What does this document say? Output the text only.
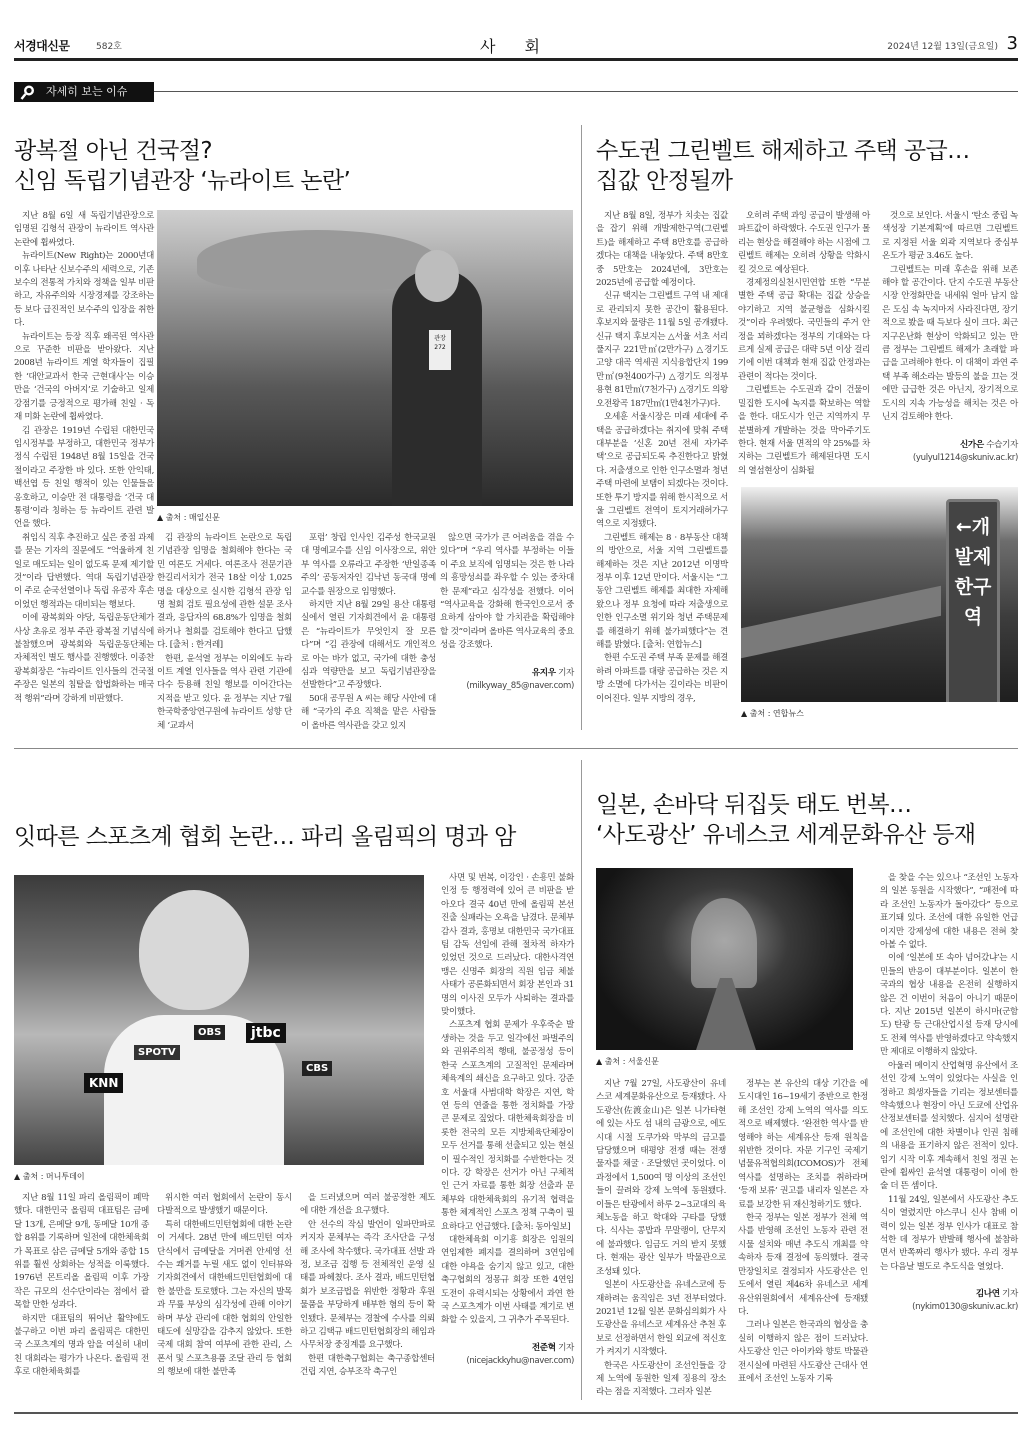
서경대신문	582호	사 회	2024년 12월 13일(금요일) 3
자세히 보는 이슈
광복절 아닌 건국절?
신임 독립기념관장 ‘뉴라이트 논란’

지난 8월 6일 새 독립기념관장으로 임명된 김형석 관장이 뉴라이트 역사관 논란에 휩싸였다.

뉴라이트(New Right)는 2000년대 이후 나타난 신보수주의 세력으로, 기존 보수의 전통적 가치와 정책을 일부 비판하고, 자유주의와 시장경제를 강조하는 등 보다 급진적인 보수주의 입장을 취한다.

뉴라이트는 등장 직후 왜곡된 역사관으로 꾸준한 비판을 받아왔다. 지난 2008년 뉴라이트 계열 학자들이 집필한 ‘대안교과서 한국 근현대사’는 이승만을 ‘건국의 아버지’로 기술하고 일제강점기를 긍정적으로 평가해 친일 · 독재 미화 논란에 휩싸였다.

김 관장은 1919년 수립된 대한민국 임시정부를 부정하고, 대한민국 정부가 정식 수립된 1948년 8월 15일을 건국절이라고 주장한 바 있다. 또한 안익태, 백선엽 등 친일 행적이 있는 인물들을 옹호하고, 이승만 전 대통령을 ‘건국 대통령’이라 칭하는 등 뉴라이트 관련 발언을 했다.

취임식 직후 추진하고 싶은 중점 과제를 묻는 기자의 질문에도 “억울하게 친일로 매도되는 일이 없도록 문제 제기할 것”이라 답변했다. 역대 독립기념관장이 주로 순국선열이나 독립 유공자 후손이었던 행적과는 대비되는 행보다.

이에 광복회와 야당, 독립운동단체가 사상 초유로 정부 주관 광복절 기념식에 불참했으며 광복회와 독립운동단체는 자체적인 별도 행사를 진행했다. 이종찬 광복회장은 “뉴라이트 인사들의 건국절 주장은 일본의 침탈을 합법화하는 매국적 행위”라며 강하게 비판했다.

관장 272
▲ 출처 : 매일신문

김 관장의 뉴라이트 논란으로 독립기념관장 임명을 철회해야 한다는 국민 여론도 거세다. 여론조사 전문기관 한길리서치가 전국 18살 이상 1,025명을 대상으로 실시한 김형석 관장 임명 철회 검토 필요성에 관한 설문 조사 결과, 응답자의 68.8%가 임명을 철회하거나 철회를 검토해야 한다고 답했다. [출처 : 한겨레]

한편, 윤석열 정부는 이외에도 뉴라이트 계열 인사들을 역사 관련 기관에 다수 등용해 친일 행보를 이어간다는 지적을 받고 있다. 윤 정부는 지난 7월 한국학중앙연구원에 뉴라이트 성향 단체 ‘교과서

포럼’ 창립 인사인 김주성 한국교원대 명예교수를 신임 이사장으로, 위안부 역사를 오류라고 주장한 ‘반일종족주의’ 공동저자인 김낙년 동국대 명예교수를 원장으로 임명했다.

하지만 지난 8월 29일 용산 대통령실에서 열린 기자회견에서 윤 대통령은 “뉴라이트가 무엇인지 잘 모른다”며 “김 관장에 대해서도 개인적으로 아는 바가 없고, 국가에 대한 충성심과 역량만을 보고 독립기념관장을 선발한다”고 주장했다.

50대 공무원 A 씨는 해당 사안에 대해 “국가의 주요 직책을 맡은 사람들이 올바른 역사관을 갖고 있지

않으면 국가가 큰 어려움을 겪을 수 있다”며 “우리 역사를 부정하는 이들이 주요 보직에 임명되는 것은 한 나라의 흥망성쇠를 좌우할 수 있는 중차대한 문제”라고 심각성을 전했다. 이어 “역사교육을 강화해 한국인으로서 중요하게 삼아야 할 가치관을 확립해야 할 것”이라며 올바른 역사교육의 중요성을 강조했다.

유지우 기자
(milkyway_85@naver.com)

수도권 그린벨트 해제하고 주택 공급…
집값 안정될까

지난 8월 8일, 정부가 치솟는 집값을 잡기 위해 개발제한구역(그린벨트)을 해제하고 주택 8만호를 공급하겠다는 대책을 내놓았다. 주택 8만호 중 5만호는 2024년에, 3만호는 2025년에 공급할 예정이다.

신규 택지는 그린벨트 구역 내 제대로 관리되지 못한 공간이 활용된다. 후보지와 물량은 11월 5일 공개됐다. 신규 택지 후보지는 △서울 서초 서리풀지구 221만㎡(2만가구) △경기도 고양 대곡 역세권 지식융합단지 199만㎡(9천400가구) △경기도 의정부 용현 81만㎡(7천가구) △경기도 의왕 오전왕곡 187만㎡(1만4천가구)다.

오세훈 서울시장은 미래 세대에 주택을 공급하겠다는 취지에 맞춰 주택 대부분을 ‘신혼 20년 전세 자가주택’으로 공급되도록 추진한다고 밝혔다. 저출생으로 인한 인구소멸과 청년 주택 마련에 보탬이 되겠다는 것이다. 또한 투기 방지를 위해 한시적으로 서울 그린벨트 전역이 토지거래허가구역으로 지정됐다.

그린벨트 해제는 8 · 8부동산 대책의 방안으로, 서울 지역 그린벨트를 해제하는 것은 지난 2012년 이명박 정부 이후 12년 만이다. 서울시는 “그동안 그린벨트 해제를 최대한 자제해 왔으나 정부 요청에 따라 저출생으로 인한 인구소멸 위기와 청년 주택문제를 해결하기 위해 불가피했다”는 견해를 밝혔다. [출처: 연합뉴스]

한편 수도권 주택 부족 문제를 해결하려 아파트를 대량 공급하는 것은 지방 소멸에 다가서는 길이라는 비판이 이어진다. 일부 지방의 경우,

오히려 주택 과잉 공급이 발생해 아파트값이 하락했다. 수도권 인구가 몰리는 현상을 해결해야 하는 시점에 그린벨트 해제는 오히려 상황을 악화시킬 것으로 예상된다.

경제정의실천시민연합 또한 “무분별한 주택 공급 확대는 집값 상승을 야기하고 지역 불균형을 심화시킬 것”이라 우려했다. 국민들의 주거 안정을 꾀하겠다는 정부의 기대와는 다르게 실제 공급은 대략 5년 이상 걸리기에 이번 대책과 현재 집값 안정과는 관련이 적다는 것이다.

그린벨트는 수도권과 같이 건물이 밀집한 도시에 녹지를 확보하는 역할을 한다. 대도시가 인근 지역까지 무분별하게 개발하는 것을 막아주기도 한다. 현재 서울 면적의 약 25%를 차지하는 그린벨트가 해제된다면 도시의 열섬현상이 심화될

것으로 보인다. 서울시 ‘탄소 중립 녹색성장 기본계획’에 따르면 그린벨트로 지정된 서울 외곽 지역보다 중심부 온도가 평균 3.46도 높다.

그린벨트는 미래 후손을 위해 보존해야 할 공간이다. 단지 수도권 부동산 시장 안정화만을 내세워 얼마 남지 않은 도심 속 녹지마저 사라진다면, 장기적으로 봤을 때 득보다 실이 크다. 최근 지구온난화 현상이 악화되고 있는 만큼 정부는 그린벨트 해제가 초래할 파급을 고려해야 한다. 이 대책이 과연 주택 부족 해소라는 발등의 불을 끄는 것에만 급급한 것은 아닌지, 장기적으로 도시의 지속 가능성을 해치는 것은 아닌지 검토해야 한다.

신가은 수습기자
(yulyul1214@skuniv.ac.kr)

←개발제한구역
▲ 출처 : 연합뉴스
잇따른 스포츠계 협회 논란… 파리 올림픽의 명과 암
OBS	jtbc
SPOTV
KNN
CBS
▲ 출처 : 머니투데이

지난 8월 11일 파리 올림픽이 폐막했다. 대한민국 올림픽 대표팀은 금메달 13개, 은메달 9개, 동메달 10개 종합 8위를 기록하며 일전에 대한체육회가 목표로 삼은 금메달 5개와 종합 15위를 훨씬 상회하는 성적을 이룩했다. 1976년 몬트리올 올림픽 이후 가장 작은 규모의 선수단이라는 점에서 괄목할 만한 성과다.

하지만 대표팀의 뛰어난 활약에도 불구하고 이번 파리 올림픽은 대한민국 스포츠계의 명과 암을 여실히 내비친 대회라는 평가가 나온다. 올림픽 전후로 대한체육회를

위시한 여러 협회에서 논란이 동시다발적으로 발생했기 때문이다.

특히 대한배드민턴협회에 대한 논란이 거세다. 28년 만에 배드민턴 여자 단식에서 금메달을 거머쥔 안세영 선수는 쾌거를 누릴 새도 없이 인터뷰와 기자회견에서 대한배드민턴협회에 대한 불만을 토로했다. 그는 자신의 발목과 무릎 부상의 심각성에 관해 이야기하며 부상 관리에 대한 협회의 안일한 태도에 실망감을 감추지 않았다. 또한 국제 대회 참여 여부에 관한 관리, 스폰서 및 스포츠용품 조달 관리 등 협회의 행보에 대한 불만족

을 드러냈으며 여러 불공정한 제도에 대한 개선을 요구했다.

안 선수의 작심 발언이 일파만파로 커지자 문체부는 즉각 조사단을 구성해 조사에 착수했다. 국가대표 선발 과정, 보조금 집행 등 전체적인 운영 실태를 파헤쳤다. 조사 결과, 배드민턴협회가 보조금법을 위반한 정황과 후원 물품을 부당하게 배부한 혐의 등이 확인됐다. 문체부는 경찰에 수사를 의뢰하고 김택규 배드민턴협회장의 해임과 사무처장 중징계를 요구했다.

한편 대한축구협회는 축구종합센터 건립 지연, 승부조작 축구인

사면 및 번복, 이강인 · 손흥민 불화 인정 등 행정력에 있어 큰 비판을 받아오다 결국 40년 만에 올림픽 본선 진출 실패라는 오욕을 남겼다. 문체부 감사 결과, 홍명보 대한민국 국가대표팀 감독 선임에 관해 절차적 하자가 있었던 것으로 드러났다. 대한사격연맹은 신명주 회장의 직원 임금 체불 사태가 공론화되면서 회장 본인과 31명의 이사진 모두가 사퇴하는 결과를 맞이했다.

스포츠계 협회 문제가 우후죽순 발생하는 것을 두고 일각에선 파벌주의와 권위주의적 행태, 불공정성 등이 한국 스포츠계의 고질적인 문제라며 체육계의 쇄신을 요구하고 있다. 강준호 서울대 사범대학 학장은 지연, 학연 등의 연줄을 통한 정치화를 가장 큰 문제로 짚었다. 대한체육회장을 비롯한 전국의 모든 지방체육단체장이 모두 선거를 통해 선출되고 있는 현실이 필수적인 정치화를 수반한다는 것이다. 강 학장은 선거가 아닌 구체적인 근거 자료를 통한 회장 선출과 문체부와 대한체육회의 유기적 협력을 통한 체계적인 스포츠 정책 구축이 필요하다고 언급했다. [출처: 동아일보]

대한체육회 이기흥 회장은 임원의 연임제한 폐지를 결의하며 3연임에 대한 야욕을 숨기지 않고 있고, 대한축구협회의 정몽규 회장 또한 4연임 도전이 유력시되는 상황에서 과연 한국 스포츠계가 이번 사태를 계기로 변화할 수 있을지, 그 귀추가 주목된다.

전준혁 기자
(nicejackkyhu@naver.com)

일본, 손바닥 뒤집듯 태도 번복…
‘사도광산’ 유네스코 세계문화유산 등재
▲ 출처 : 서울신문

지난 7월 27일, 사도광산이 유네스코 세계문화유산으로 등재됐다. 사도광산(佐渡金山)은 일본 니가타현에 있는 사도 섬 내의 금광으로, 에도시대 시절 도쿠가와 막부의 금고를 담당했으며 태평양 전쟁 때는 전쟁 물자를 채굴 · 조달했던 곳이었다. 이 과정에서 1,500여 명 이상의 조선인들이 끌려와 강제 노역에 동원됐다. 이들은 탄광에서 하루 2~3교대의 육체노동을 하고 학대와 구타를 당했다. 식사는 콩밥과 무말랭이, 단무지에 불과했다. 임금도 거의 받지 못했다. 현재는 광산 일부가 박물관으로 조성돼 있다.

일본이 사도광산을 유네스코에 등재하려는 움직임은 3년 전부터였다. 2021년 12월 일본 문화심의회가 사도광산을 유네스코 세계유산 추천 후보로 선정하면서 한일 외교에 적신호가 켜지기 시작했다.

한국은 사도광산이 조선인들을 강제 노역에 동원한 일제 징용의 장소라는 점을 지적했다. 그러자 일본

정부는 본 유산의 대상 기간을 에도시대인 16~19세기 중반으로 한정해 조선인 강제 노역의 역사를 의도적으로 배제했다. ‘완전한 역사’를 반영해야 하는 세계유산 등재 원칙을 위반한 것이다. 자문 기구인 국제기념물유적협의회(ICOMOS)가 전체 역사를 설명하는 조치를 취하라며 ‘등재 보류’ 권고를 내리자 일본은 자료를 보강한 뒤 재신청하기도 했다.

한국 정부는 일본 정부가 전체 역사를 반영해 조선인 노동자 관련 전시물 설치와 매년 추도식 개최를 약속하자 등재 결정에 동의했다. 결국 만장일치로 결정되자 사도광산은 인도에서 열린 제46차 유네스코 세계유산위원회에서 세계유산에 등재됐다.

그러나 일본은 한국과의 협상을 충실히 이행하지 않은 점이 드러났다. 사도광산 인근 아이카와 향토 박물관 전시실에 마련된 사도광산 근대사 연표에서 조선인 노동자 기록

을 찾을 수는 있으나 “조선인 노동자의 일본 동원을 시작했다”, “패전에 따라 조선인 노동자가 돌아갔다” 등으로 표기돼 있다. 조선에 대한 유일한 언급이지만 강제성에 대한 내용은 전혀 찾아볼 수 없다.

이에 ‘일본에 또 속아 넘어갔냐’는 시민들의 반응이 대부분이다. 일본이 한국과의 협상 내용을 온전히 실행하지 않은 건 이번이 처음이 아니기 때문이다. 지난 2015년 일본이 하시마(군함도) 탄광 등 근대산업시설 등재 당시에도 전체 역사를 반영하겠다고 약속했지만 제대로 이행하지 않았다.

아울러 메이지 산업혁명 유산에서 조선인 강제 노역이 있었다는 사실을 인정하고 희생자들을 기리는 정보센터를 약속했으나 현장이 아닌 도쿄에 산업유산정보센터를 설치했다. 심지어 설명란에 조선인에 대한 차별이나 인권 침해의 내용을 표기하지 않은 전적이 있다. 임기 시작 이후 계속해서 친일 정권 논란에 휩싸인 윤석열 대통령이 이에 한술 더 뜬 셈이다.

11월 24일, 일본에서 사도광산 추도식이 열렸지만 야스쿠니 신사 참배 이력이 있는 일본 정부 인사가 대표로 참석한 데 정부가 반발해 행사에 불참하면서 반쪽짜리 행사가 됐다. 우리 정부는 다음날 별도로 추도식을 열었다.

김나연 기자
(nykim0130@skuniv.ac.kr)
